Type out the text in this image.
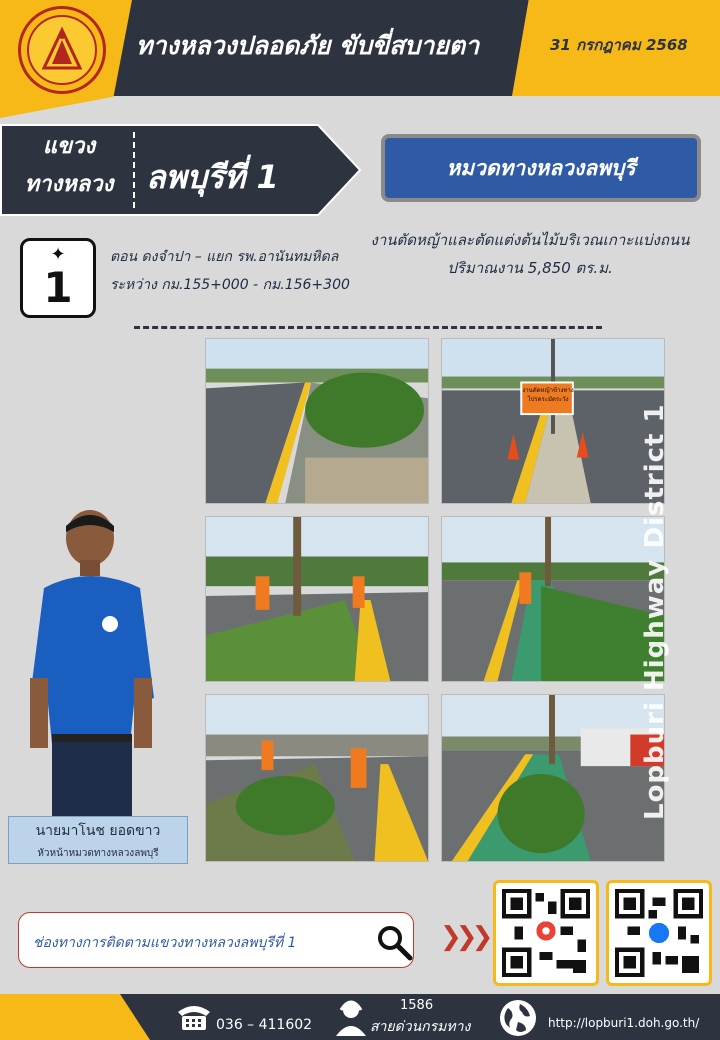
ทางหลวงปลอดภัย ขับขี่สบายตา	31 กรกฎาคม 2568
แขวง
ทางหลวง	ลพบุรีที่ 1	หมวดทางหลวงลพบุรี
งานตัดหญ้าและตัดแต่งต้นไม้บริเวณเกาะแบ่งถนน
ปริมาณงาน 5,850 ตร.ม.
✦
1
ตอน ดงจำปา – แยก รพ.อานันทมหิดล
ระหว่าง กม.155+000 - กม.156+300
งานตัดหญ้าข้างทาง
โปรดระมัดระวัง
Lopburi Highway District 1
นายมาโนช ยอดขาว
หัวหน้าหมวดทางหลวงลพบุรี
ช่องทางการติดตามแขวงทางหลวงลพบุรีที่ 1	❯❯❯
036 – 411602
1586
สายด่วนกรมทาง	http://lopburi1.doh.go.th/
